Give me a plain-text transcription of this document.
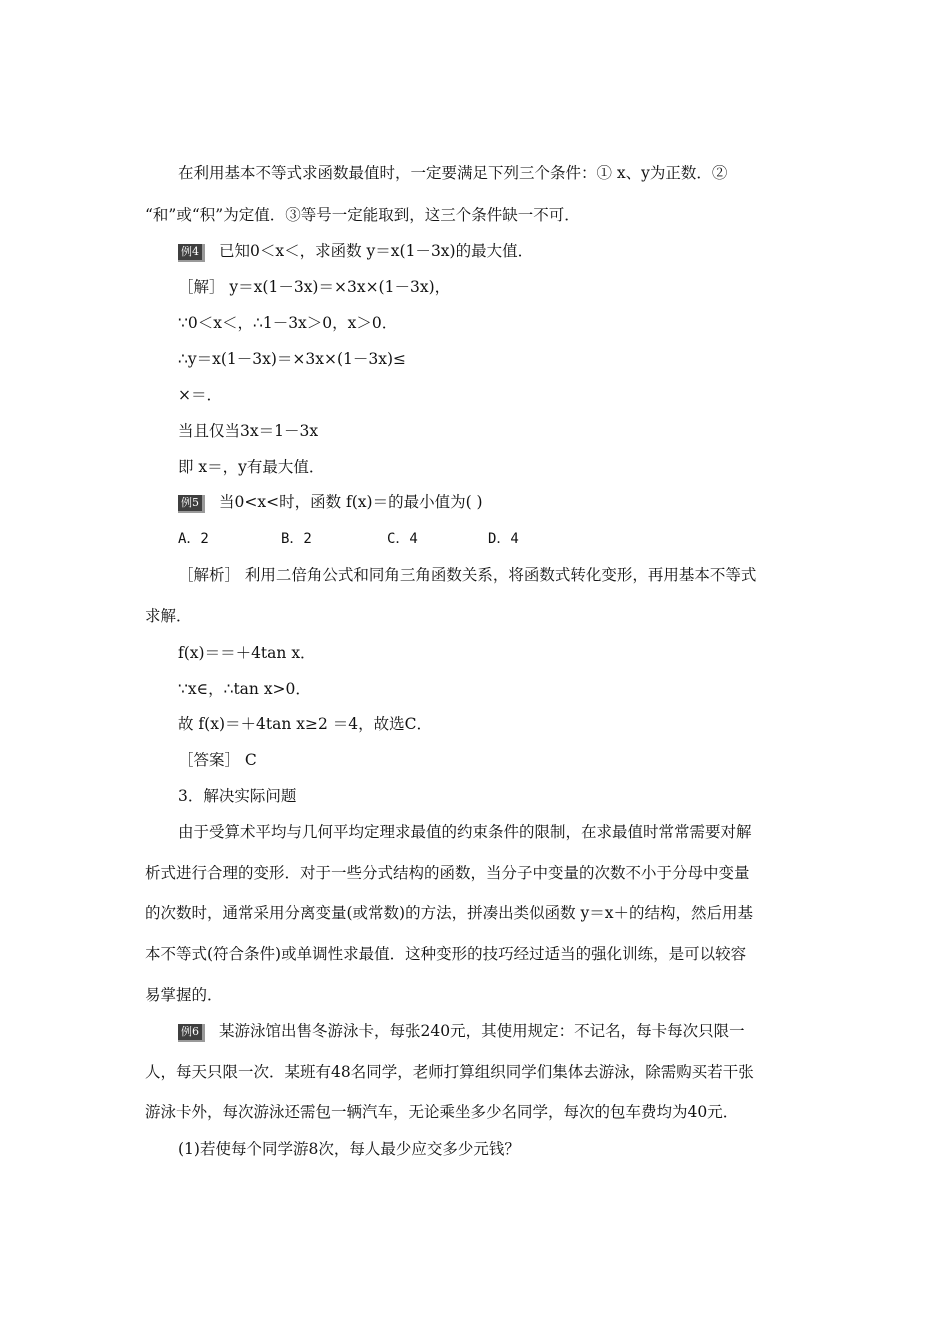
在利用基本不等式求函数最值时，一定要满足下列三个条件：① x、y为正数．②
“和”或“积”为定值．③等号一定能取到，这三个条件缺一不可．
例4 已知0＜x＜，求函数 y＝x(1－3x)的最大值．
［解］ y＝x(1－3x)＝×3x×(1－3x)，
∵0＜x＜，∴1－3x＞0，x＞0．
∴y＝x(1－3x)＝×3x×(1－3x)≤
×＝．
当且仅当3x＝1－3x
即 x＝，y有最大值．
例5 当0<x<时，函数 f(x)＝的最小值为( )
A．2	B．2	C．4	D．4
［解析］ 利用二倍角公式和同角三角函数关系，将函数式转化变形，再用基本不等式
求解．
f(x)＝＝＋4tan x．
∵x∈，∴tan x>0．
故 f(x)＝＋4tan x≥2 ＝4，故选C．
［答案］ C
3．解决实际问题
由于受算术平均与几何平均定理求最值的约束条件的限制，在求最值时常常需要对解
析式进行合理的变形．对于一些分式结构的函数，当分子中变量的次数不小于分母中变量
的次数时，通常采用分离变量(或常数)的方法，拼凑出类似函数 y＝x＋的结构，然后用基
本不等式(符合条件)或单调性求最值．这种变形的技巧经过适当的强化训练，是可以较容
易掌握的．
例6 某游泳馆出售冬游泳卡，每张240元，其使用规定：不记名，每卡每次只限一
人，每天只限一次．某班有48名同学，老师打算组织同学们集体去游泳，除需购买若干张
游泳卡外，每次游泳还需包一辆汽车，无论乘坐多少名同学，每次的包车费均为40元．
(1)若使每个同学游8次，每人最少应交多少元钱？
